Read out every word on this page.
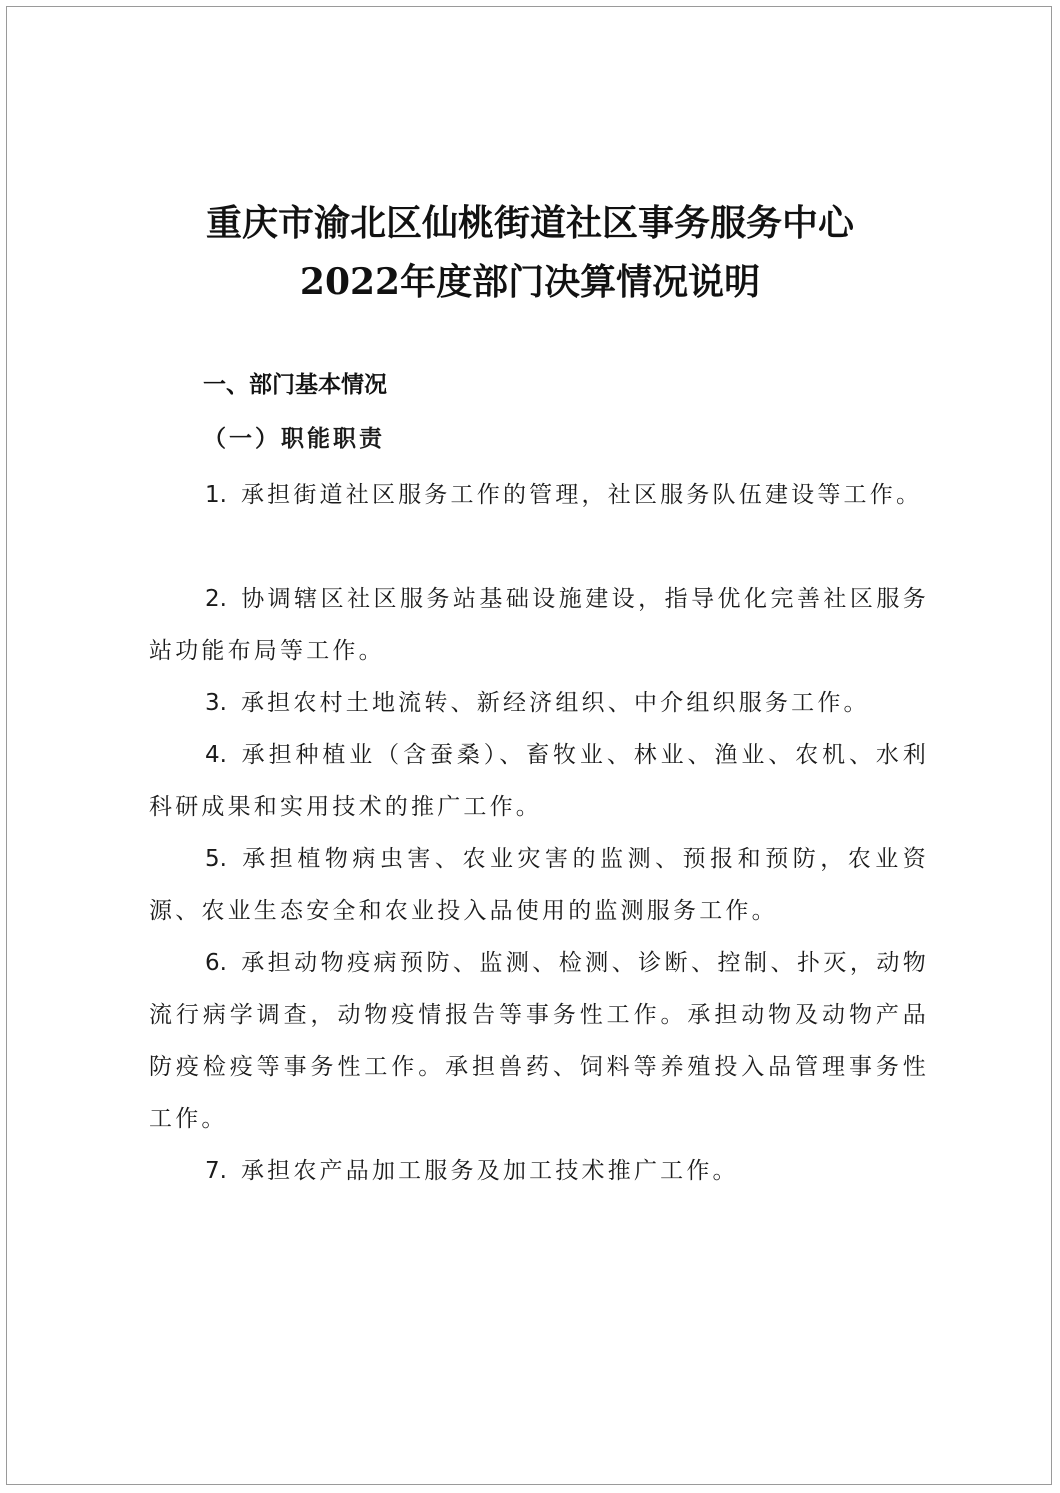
重庆市渝北区仙桃街道社区事务服务中心
2022年度部门决算情况说明
一、部门基本情况
（一）职能职责

1. 承担街道社区服务工作的管理，社区服务队伍建设等工作。

2. 协调辖区社区服务站基础设施建设，指导优化完善社区服务站功能布局等工作。

3. 承担农村土地流转、新经济组织、中介组织服务工作。

4. 承担种植业（含蚕桑）、畜牧业、林业、渔业、农机、水利科研成果和实用技术的推广工作。

5. 承担植物病虫害、农业灾害的监测、预报和预防，农业资源、农业生态安全和农业投入品使用的监测服务工作。

6. 承担动物疫病预防、监测、检测、诊断、控制、扑灭，动物流行病学调查，动物疫情报告等事务性工作。承担动物及动物产品防疫检疫等事务性工作。承担兽药、饲料等养殖投入品管理事务性工作。

7. 承担农产品加工服务及加工技术推广工作。
